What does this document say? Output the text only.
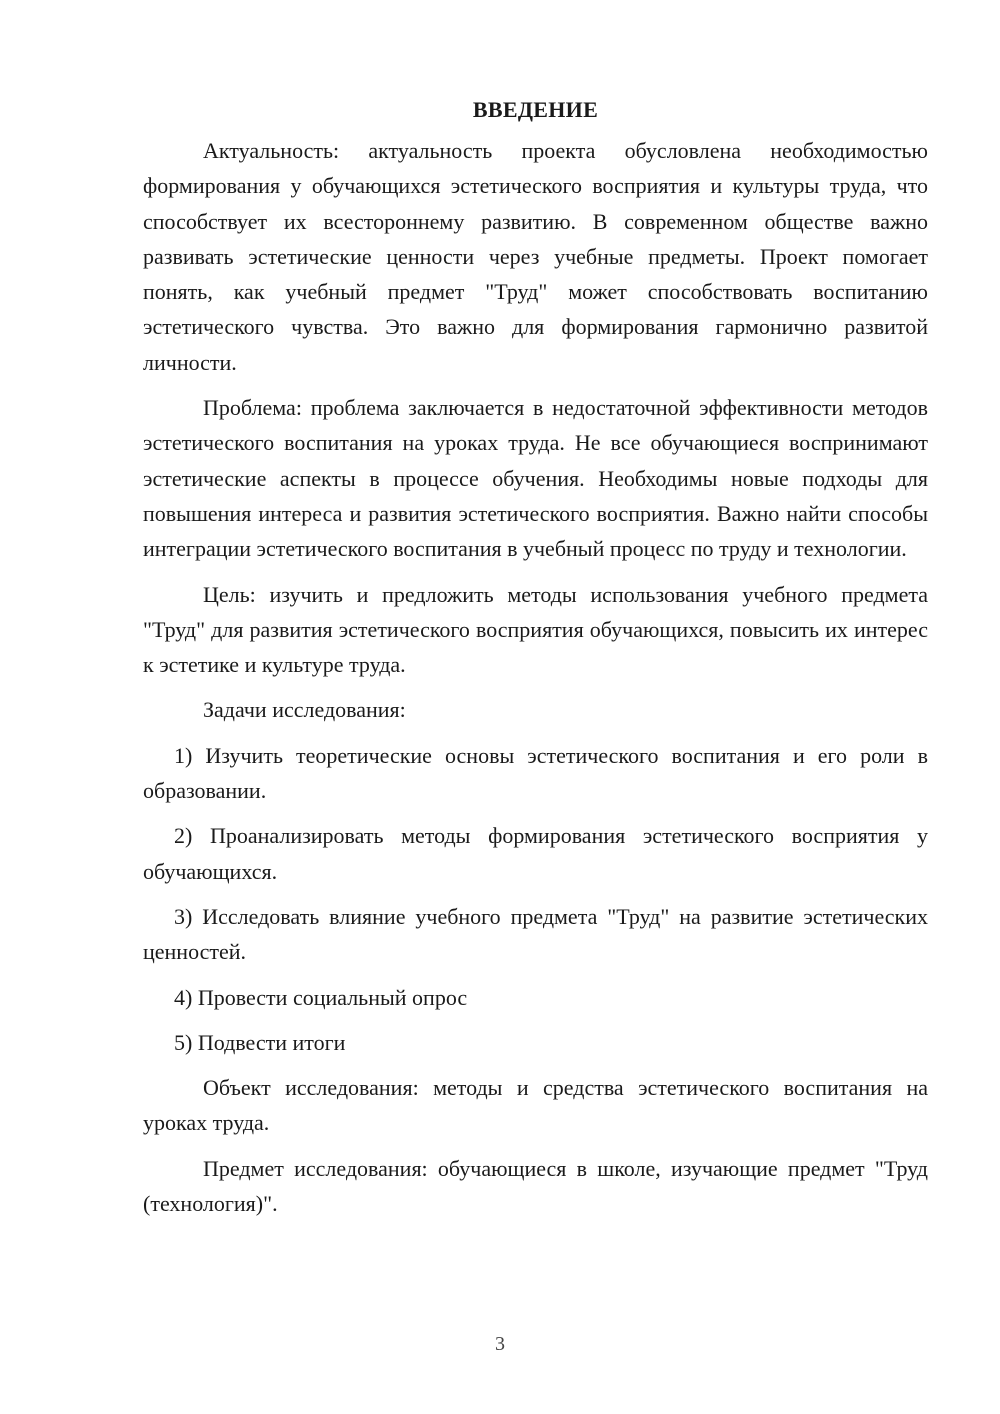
ВВЕДЕНИЕ

Актуальность: актуальность проекта обусловлена необходимостью формирования у обучающихся эстетического восприятия и культуры труда, что способствует их всестороннему развитию. В современном обществе важно развивать эстетические ценности через учебные предметы. Проект помогает понять, как учебный предмет "Труд" может способствовать воспитанию эстетического чувства. Это важно для формирования гармонично развитой личности.

Проблема: проблема заключается в недостаточной эффективности методов эстетического воспитания на уроках труда. Не все обучающиеся воспринимают эстетические аспекты в процессе обучения. Необходимы новые подходы для повышения интереса и развития эстетического восприятия. Важно найти способы интеграции эстетического воспитания в учебный процесс по труду и технологии.

Цель: изучить и предложить методы использования учебного предмета "Труд" для развития эстетического восприятия обучающихся, повысить их интерес к эстетике и культуре труда.

Задачи исследования:

1) Изучить теоретические основы эстетического воспитания и его роли в образовании.

2) Проанализировать методы формирования эстетического восприятия у обучающихся.

3) Исследовать влияние учебного предмета "Труд" на развитие эстетических ценностей.

4) Провести социальный опрос

5) Подвести итоги

Объект исследования: методы и средства эстетического воспитания на уроках труда.

Предмет исследования: обучающиеся в школе, изучающие предмет "Труд (технология)".

3
